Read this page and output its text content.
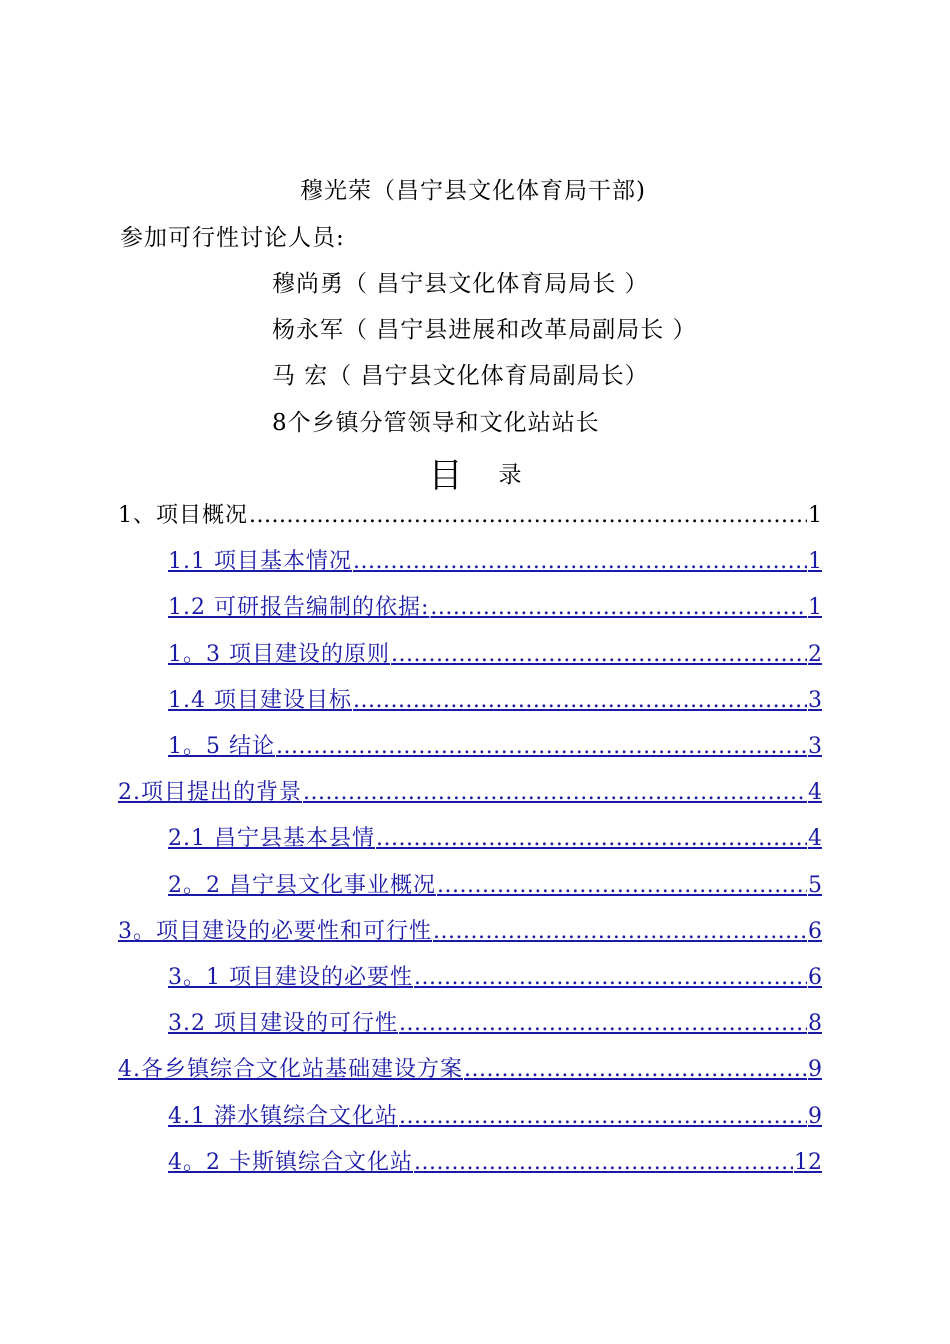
穆光荣（昌宁县文化体育局干部)
参加可行性讨论人员:
穆尚勇（ 昌宁县文化体育局局长 ）
杨永军（ 昌宁县进展和改革局副局长 ）
马 宏（ 昌宁县文化体育局副局长）
8个乡镇分管领导和文化站站长
目 录
1、项目概况 .....	1
1.1 项目基本情况 .....	1
1.2 可研报告编制的依据: .....	1
1。3 项目建设的原则 .....	2
1.4 项目建设目标 .....	3
1。5 结论 .....	3
2.项目提出的背景 .....	4
2.1 昌宁县基本县情 .....	4
2。2 昌宁县文化事业概况 .....	5
3。项目建设的必要性和可行性 .....	6
3。1 项目建设的必要性 .....	6
3.2 项目建设的可行性 .....	8
4.各乡镇综合文化站基础建设方案 .....	9
4.1 漭水镇综合文化站 .....	9
4。2 卡斯镇综合文化站 .....	12
